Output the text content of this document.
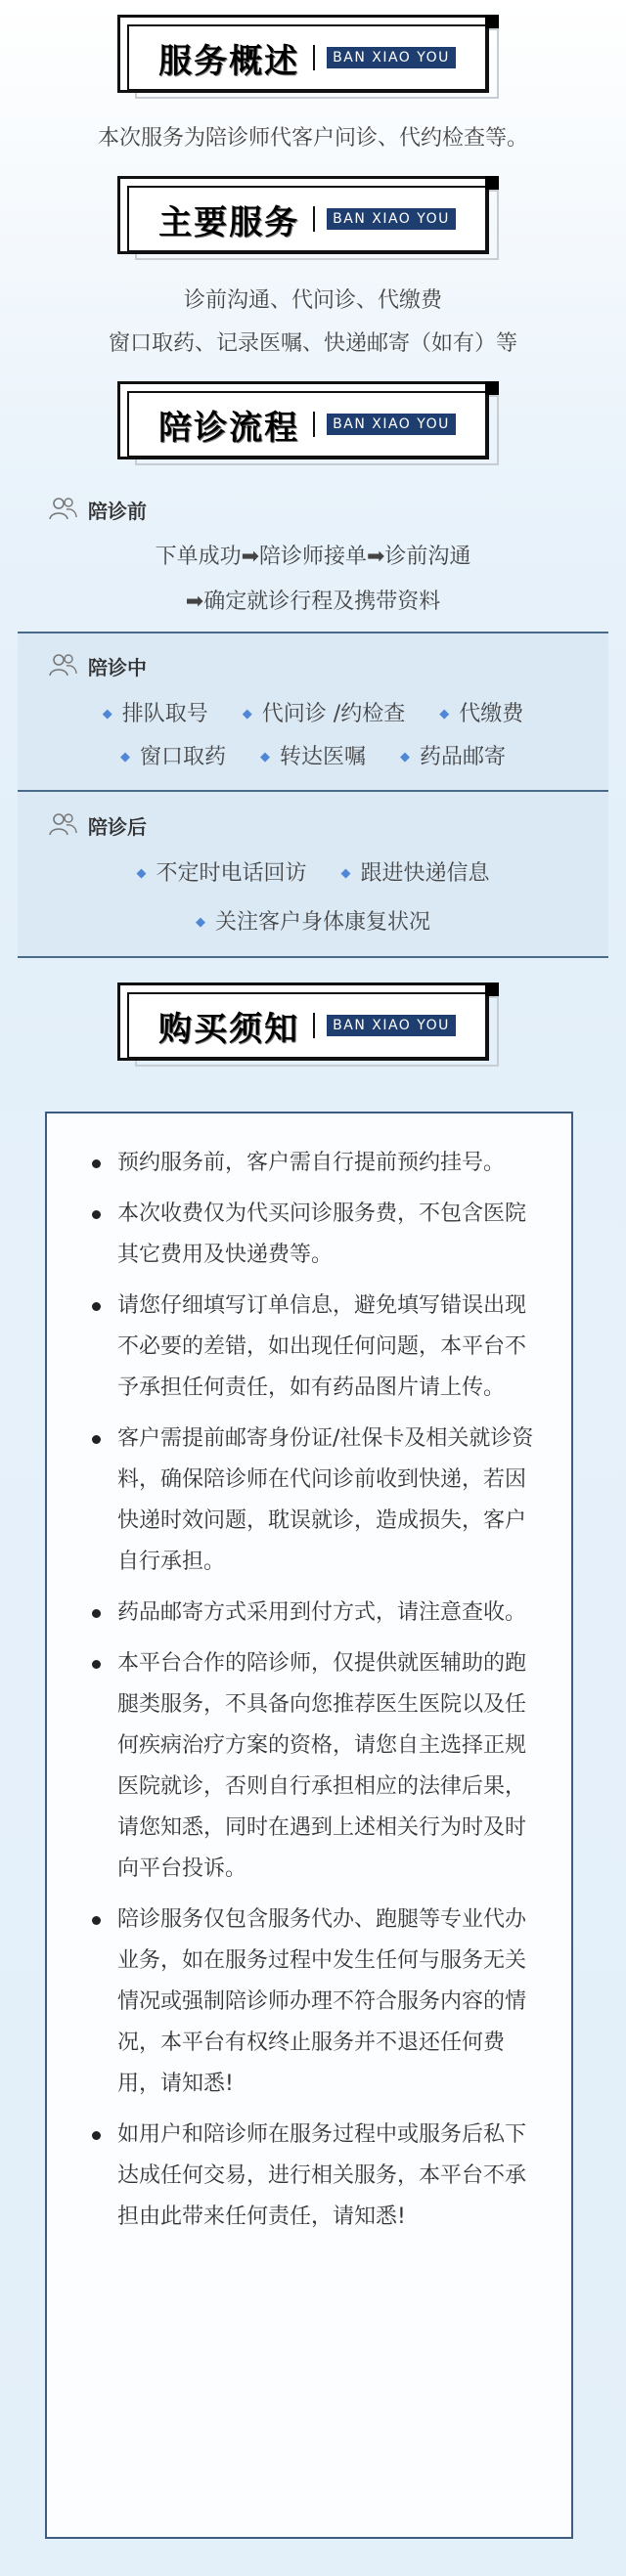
服务概述	BAN XIAO YOU
本次服务为陪诊师代客户问诊、代约检查等。
主要服务	BAN XIAO YOU
诊前沟通、代问诊、代缴费
窗口取药、记录医嘱、快递邮寄（如有）等
陪诊流程	BAN XIAO YOU
陪诊前
下单成功➡陪诊师接单➡诊前沟通
➡确定就诊行程及携带资料
陪诊中
◆ 排队取号	◆ 代问诊 /约检查	◆ 代缴费
◆ 窗口取药	◆ 转达医嘱	◆ 药品邮寄
陪诊后
◆ 不定时电话回访	◆ 跟进快递信息
◆ 关注客户身体康复状况
购买须知	BAN XIAO YOU
预约服务前，客户需自行提前预约挂号。
本次收费仅为代买问诊服务费，不包含医院其它费用及快递费等。
请您仔细填写订单信息，避免填写错误出现不必要的差错，如出现任何问题，本平台不予承担任何责任，如有药品图片请上传。
客户需提前邮寄身份证/社保卡及相关就诊资料，确保陪诊师在代问诊前收到快递，若因快递时效问题，耽误就诊，造成损失，客户自行承担。
药品邮寄方式采用到付方式，请注意查收。
本平台合作的陪诊师，仅提供就医辅助的跑腿类服务，不具备向您推荐医生医院以及任何疾病治疗方案的资格，请您自主选择正规医院就诊，否则自行承担相应的法律后果，请您知悉，同时在遇到上述相关行为时及时向平台投诉。
陪诊服务仅包含服务代办、跑腿等专业代办业务，如在服务过程中发生任何与服务无关情况或强制陪诊师办理不符合服务内容的情况，本平台有权终止服务并不退还任何费用，请知悉!
如用户和陪诊师在服务过程中或服务后私下达成任何交易，进行相关服务，本平台不承担由此带来任何责任，请知悉!
